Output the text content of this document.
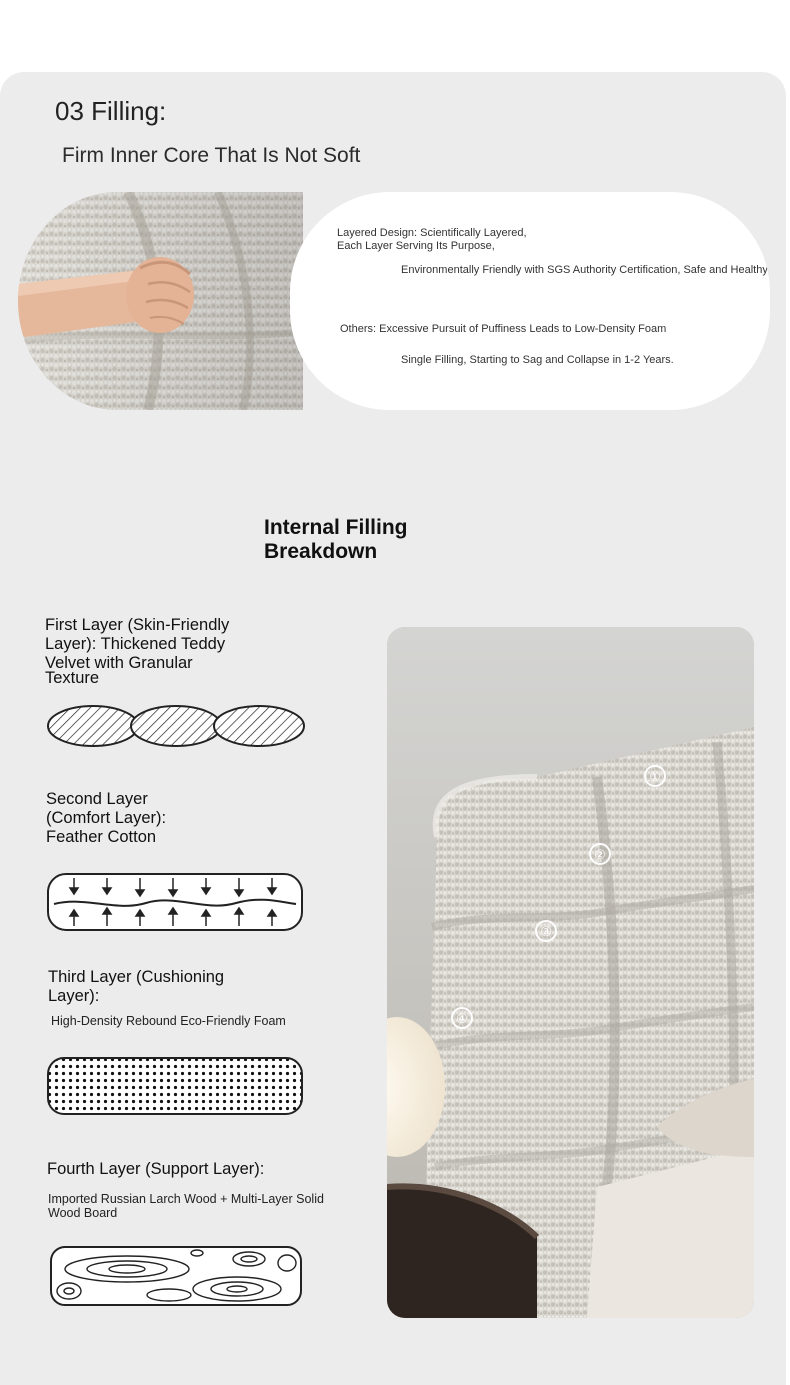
03 Filling:
Firm Inner Core That Is Not Soft
Layered Design: Scientifically Layered,
Each Layer Serving Its Purpose,
Environmentally Friendly with SGS Authority Certification, Safe and Healthy
Others: Excessive Pursuit of Puffiness Leads to Low-Density Foam
Single Filling, Starting to Sag and Collapse in 1-2 Years.
Internal Filling
Breakdown
First Layer (Skin-Friendly
Layer): Thickened Teddy
Velvet with Granular
Texture
Second Layer
(Comfort Layer):
Feather Cotton
Third Layer (Cushioning
Layer):
High-Density Rebound Eco-Friendly Foam
Fourth Layer (Support Layer):
Imported Russian Larch Wood + Multi-Layer Solid
Wood Board
①
②
③
④
